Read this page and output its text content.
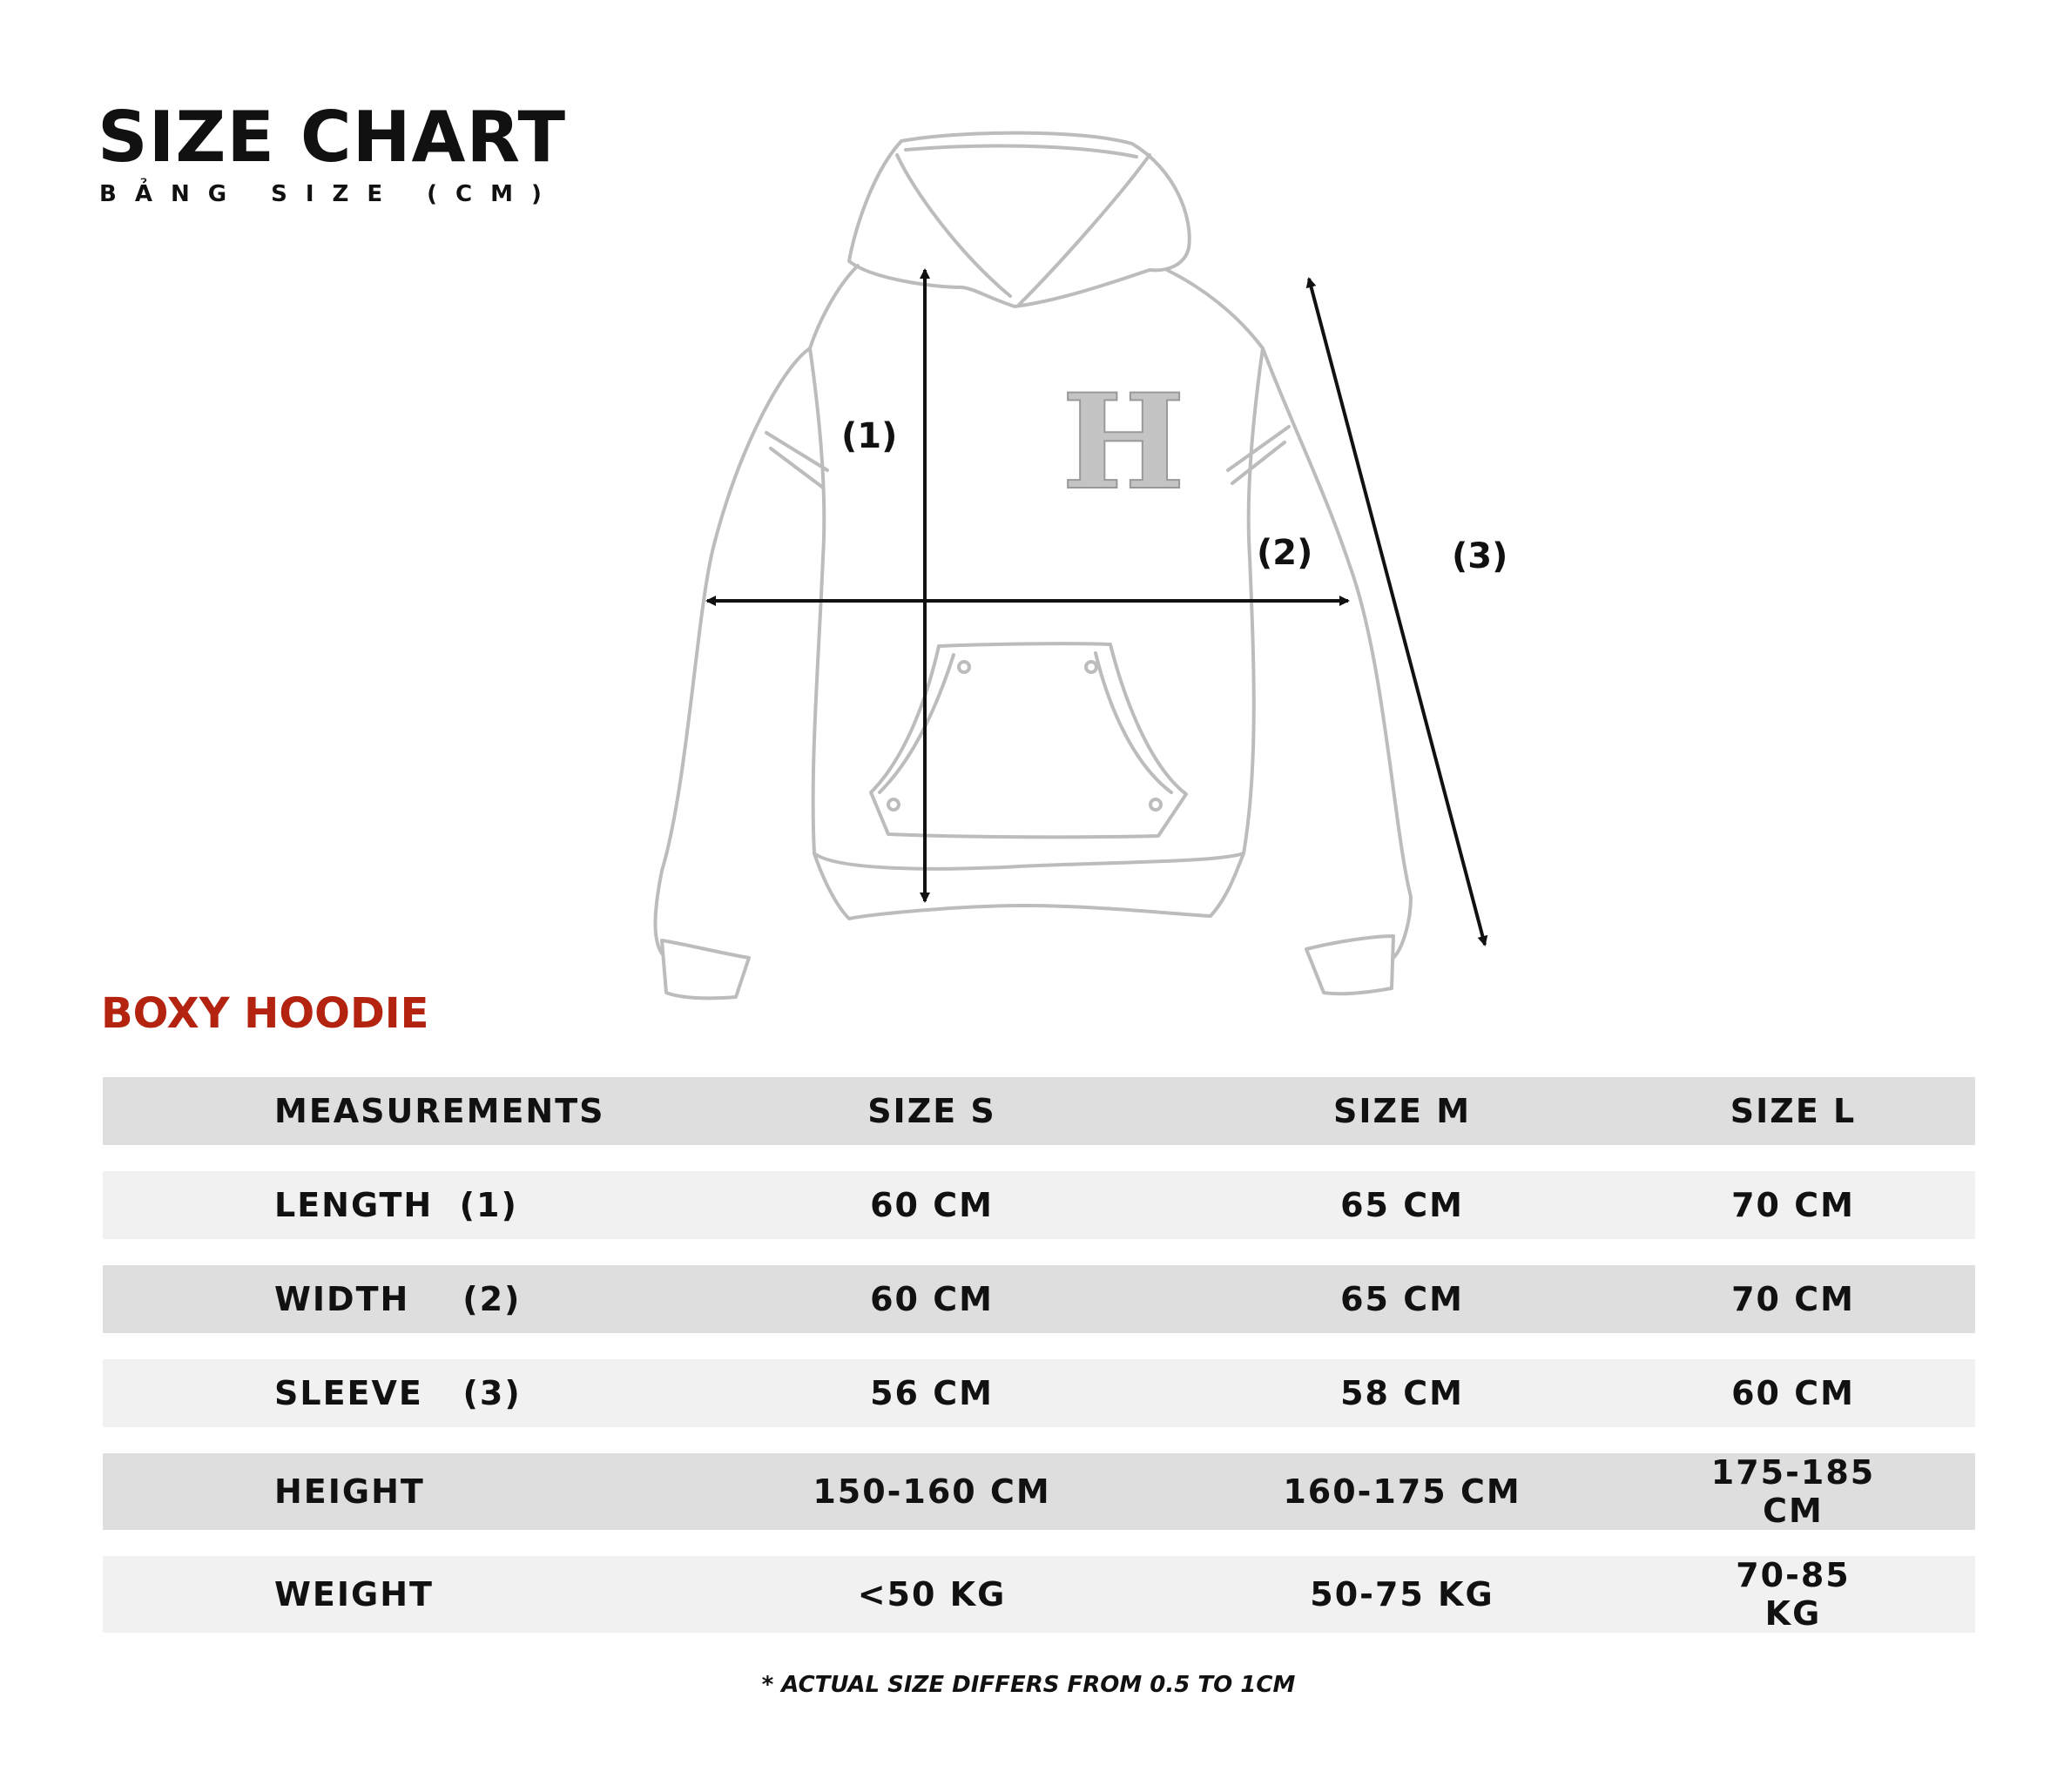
SIZE CHART
BẢNG SIZE (CM)
H
(1)
(2)	(3)
BOXY HOODIE
MEASUREMENTS	SIZE S	SIZE M	SIZE L
LENGTH  (1)	60 CM	65 CM	70 CM
WIDTH    (2)	60 CM	65 CM	70 CM
SLEEVE   (3)	56 CM	58 CM	60 CM
HEIGHT	150-160 CM	160-175 CM	175-185 CM
WEIGHT	<50 KG	50-75 KG	70-85 KG
* ACTUAL SIZE DIFFERS FROM 0.5 TO 1CM
